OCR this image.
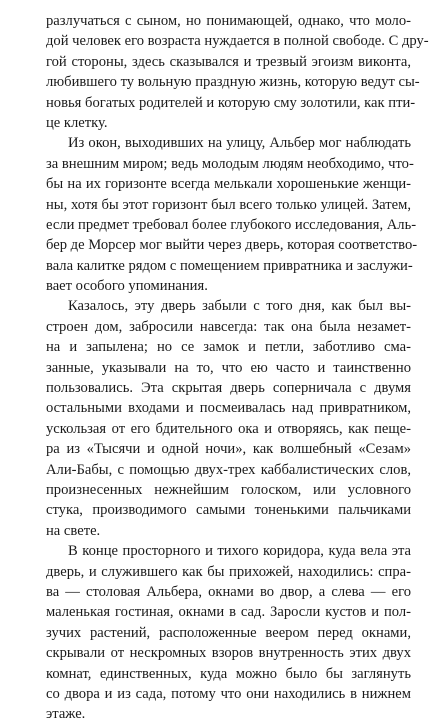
разлучаться с сыном, но понимающей, однако, что моло-
дой человек его возраста нуждается в полной свободе. С дру-
гой стороны, здесь сказывался и трезвый эгоизм виконта,
любившего ту вольную праздную жизнь, которую ведут сы-
новья богатых родителей и которую сму золотили, как пти-
це клетку.
Из окон, выходивших на улицу, Альбер мог наблюдать
за внешним миром; ведь молодым людям необходимо, что-
бы на их горизонте всегда мелькали хорошенькие женщи-
ны, хотя бы этот горизонт был всего только улицей. Затем,
если предмет требовал более глубокого исследования, Аль-
бер де Морсер мог выйти через дверь, которая соответство-
вала калитке рядом с помещением привратника и заслужи-
вает особого упоминания.
Казалось, эту дверь забыли с того дня, как был вы-
строен дом, забросили навсегда: так она была незамет-
на и запылена; но се замок и петли, заботливо сма-
занные, указывали на то, что ею часто и таинственно
пользовались. Эта скрытая дверь соперничала с двумя
остальными входами и посмеивалась над привратником,
ускользая от его бдительного ока и отворяясь, как пеще-
ра из «Тысячи и одной ночи», как волшебный «Сезам»
Али-Бабы, с помощью двух-трех каббалистических слов,
произнесенных нежнейшим голоском, или условного
стука, производимого самыми тоненькими пальчиками
на свете.
В конце просторного и тихого коридора, куда вела эта
дверь, и служившего как бы прихожей, находились: спра-
ва — столовая Альбера, окнами во двор, а слева — его
маленькая гостиная, окнами в сад. Заросли кустов и пол-
зучих растений, расположенные веером перед окнами,
скрывали от нескромных взоров внутренность этих двух
комнат, единственных, куда можно было бы заглянуть
со двора и из сада, потому что они находились в нижнем
этаже.
